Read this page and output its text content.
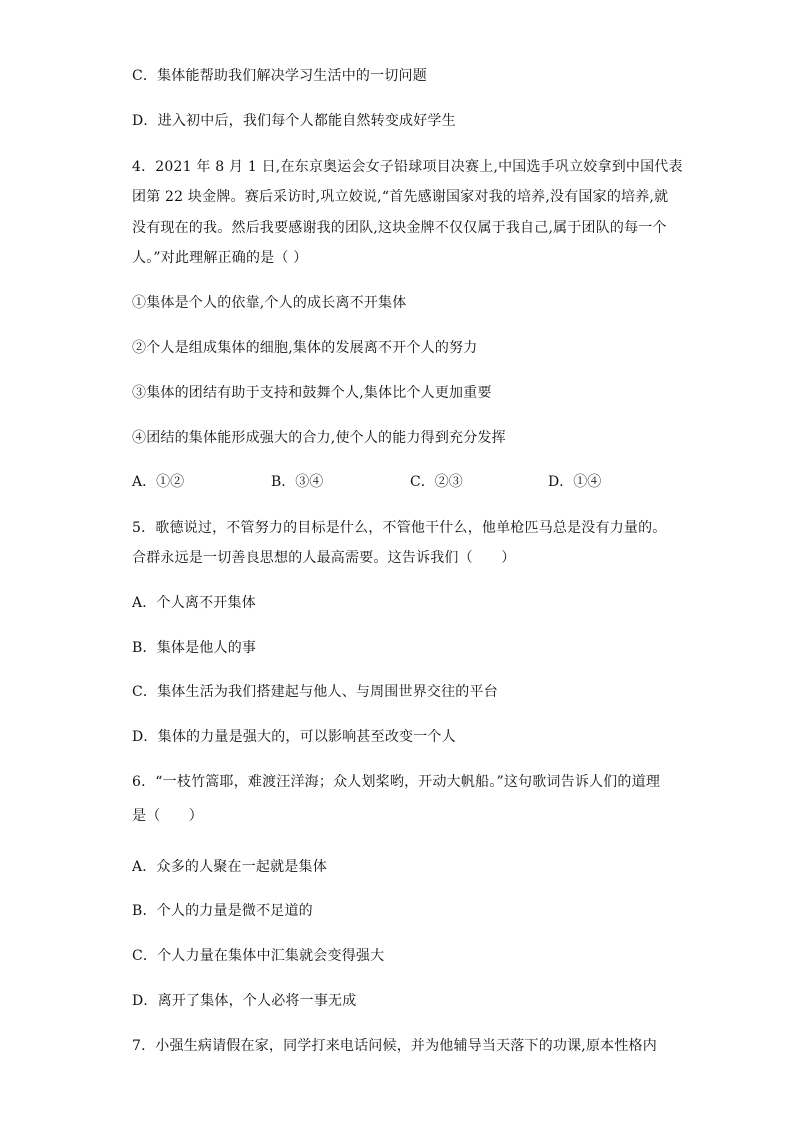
C．集体能帮助我们解决学习生活中的一切问题
D．进入初中后，我们每个人都能自然转变成好学生
4．2021 年 8 月 1 日,在东京奥运会女子铅球项目决赛上,中国选手巩立姣拿到中国代表
团第 22 块金牌。赛后采访时,巩立姣说,“首先感谢国家对我的培养,没有国家的培养,就
没有现在的我。然后我要感谢我的团队,这块金牌不仅仅属于我自己,属于团队的每一个
人。”对此理解正确的是（ ）
①集体是个人的依靠,个人的成长离不开集体
②个人是组成集体的细胞,集体的发展离不开个人的努力
③集体的团结有助于支持和鼓舞个人,集体比个人更加重要
④团结的集体能形成强大的合力,使个人的能力得到充分发挥
A．①②	B．③④	C．②③	D．①④
5．歌德说过，不管努力的目标是什么，不管他干什么，他单枪匹马总是没有力量的。
合群永远是一切善良思想的人最高需要。这告诉我们（　　）
A．个人离不开集体
B．集体是他人的事
C．集体生活为我们搭建起与他人、与周围世界交往的平台
D．集体的力量是强大的，可以影响甚至改变一个人
6．“一枝竹篙耶，难渡汪洋海；众人划桨哟，开动大帆船。”这句歌词告诉人们的道理
是（　　）
A．众多的人聚在一起就是集体
B．个人的力量是微不足道的
C．个人力量在集体中汇集就会变得强大
D．离开了集体，个人必将一事无成
7．小强生病请假在家，同学打来电话问候，并为他辅导当天落下的功课,原本性格内
